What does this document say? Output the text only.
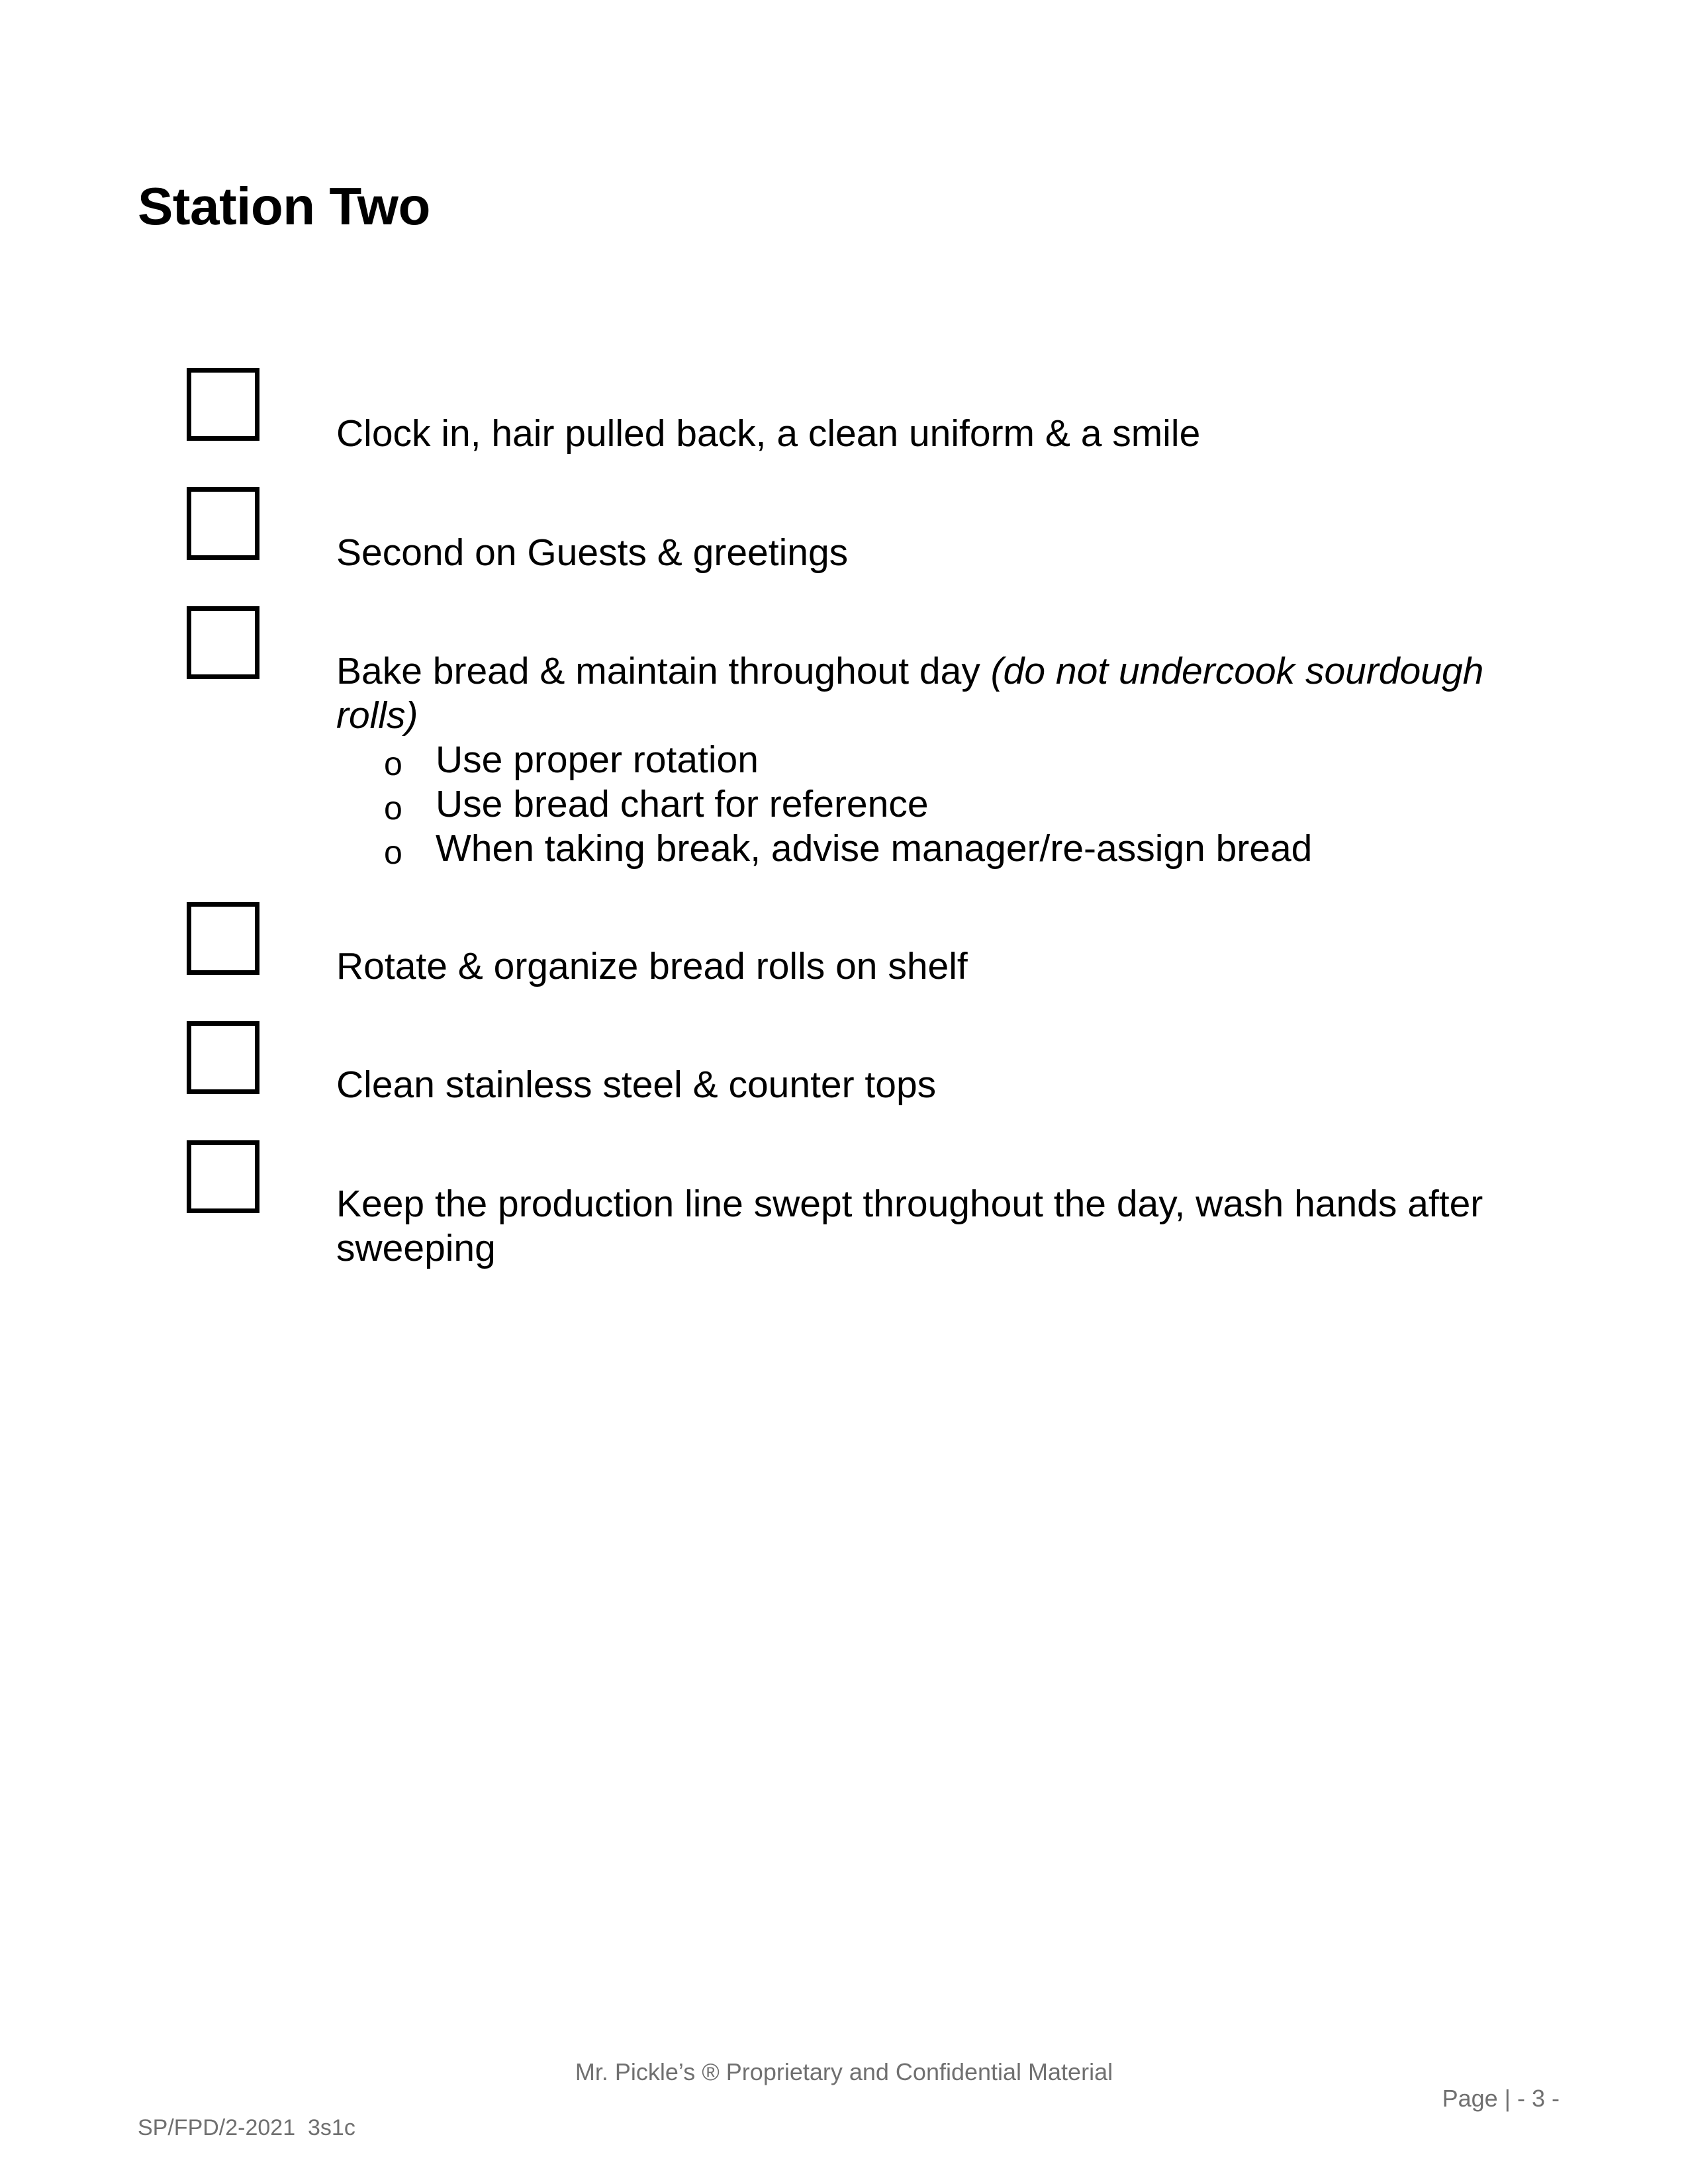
Station Two

Clock in, hair pulled back, a clean uniform & a smile

Second on Guests & greetings

Bake bread & maintain throughout day (do not undercook sourdough rolls)

o Use proper rotation
o Use bread chart for reference
o When taking break, advise manager/re-assign bread

Rotate & organize bread rolls on shelf

Clean stainless steel & counter tops

Keep the production line swept throughout the day, wash hands after sweeping

Mr. Pickle’s ® Proprietary and Confidential Material
Page | - 3 -
SP/FPD/2-2021  3s1c
